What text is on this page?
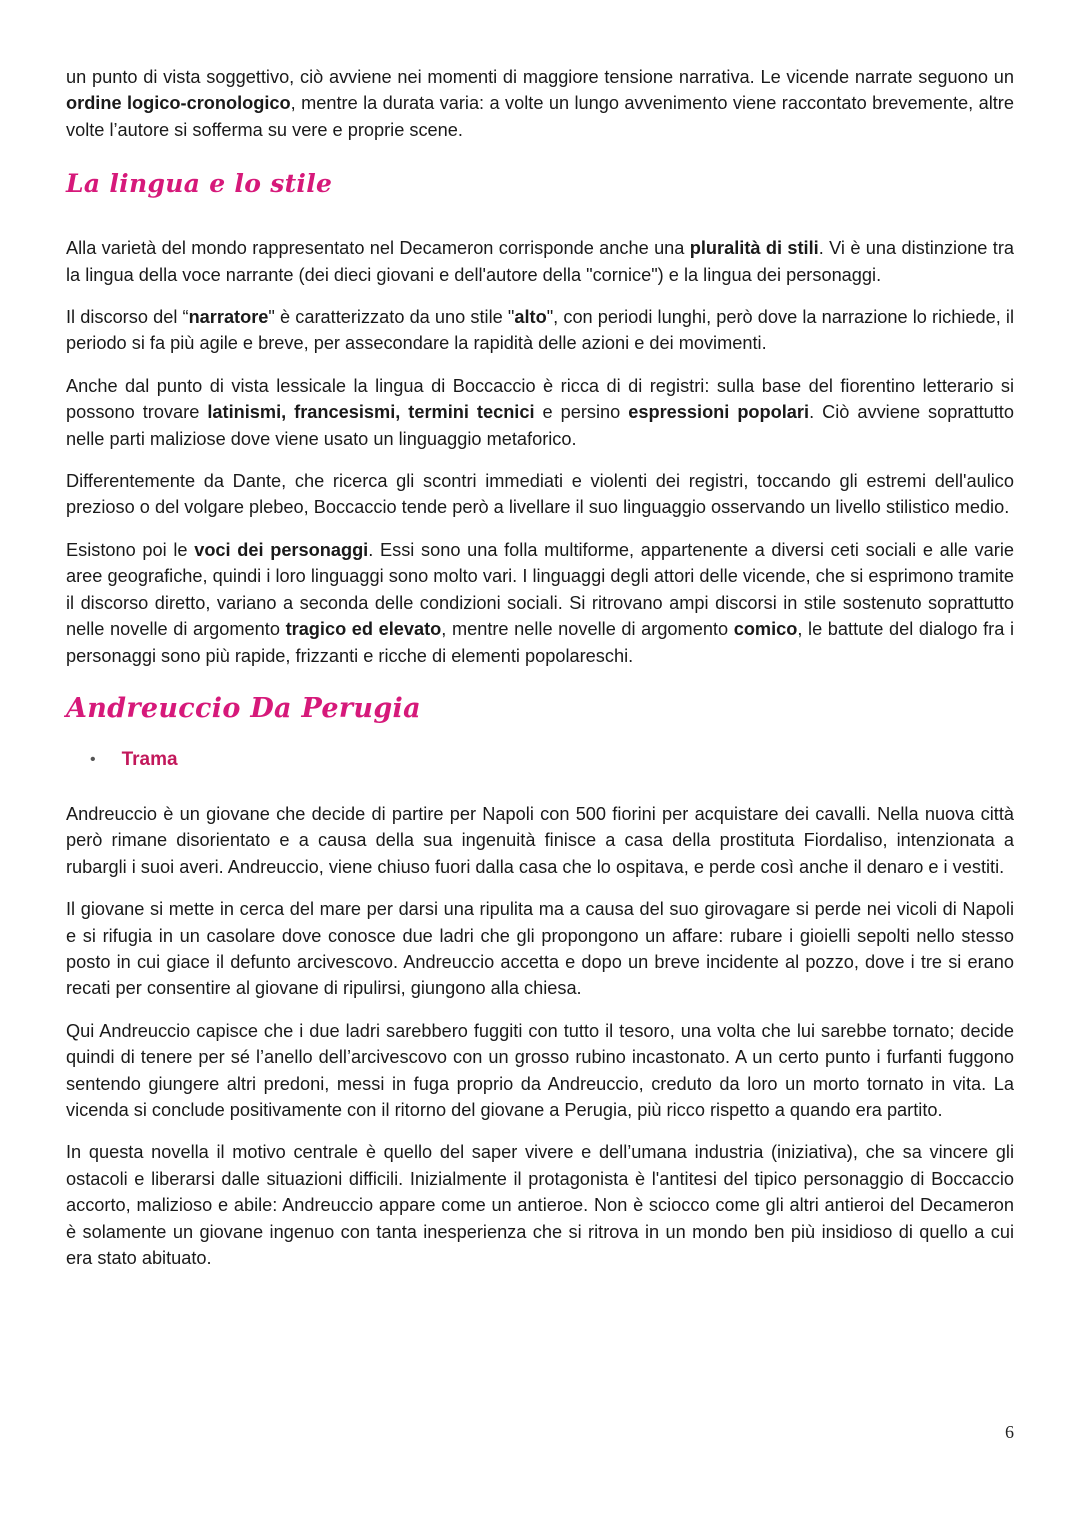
un punto di vista soggettivo, ciò avviene nei momenti di maggiore tensione narrativa. Le vicende narrate seguono un ordine logico-cronologico, mentre la durata varia: a volte un lungo avvenimento viene raccontato brevemente, altre volte l’autore si sofferma su vere e proprie scene.

La lingua e lo stile

Alla varietà del mondo rappresentato nel Decameron corrisponde anche una pluralità di stili. Vi è una distinzione tra la lingua della voce narrante (dei dieci giovani e dell'autore della "cornice") e la lingua dei personaggi.

Il discorso del “narratore" è caratterizzato da uno stile "alto", con periodi lunghi, però dove la narrazione lo richiede, il periodo si fa più agile e breve, per assecondare la rapidità delle azioni e dei movimenti.

Anche dal punto di vista lessicale la lingua di Boccaccio è ricca di di registri: sulla base del fiorentino letterario si possono trovare latinismi, francesismi, termini tecnici e persino espressioni popolari. Ciò avviene soprattutto nelle parti maliziose dove viene usato un linguaggio metaforico.

Differentemente da Dante, che ricerca gli scontri immediati e violenti dei registri, toccando gli estremi dell'aulico prezioso o del volgare plebeo, Boccaccio tende però a livellare il suo linguaggio osservando un livello stilistico medio.

Esistono poi le voci dei personaggi. Essi sono una folla multiforme, appartenente a diversi ceti sociali e alle varie aree geografiche, quindi i loro linguaggi sono molto vari. I linguaggi degli attori delle vicende, che si esprimono tramite il discorso diretto, variano a seconda delle condizioni sociali. Si ritrovano ampi discorsi in stile sostenuto soprattutto nelle novelle di argomento tragico ed elevato, mentre nelle novelle di argomento comico, le battute del dialogo fra i personaggi sono più rapide, frizzanti e ricche di elementi popolareschi.

Andreuccio Da Perugia
• Trama

Andreuccio è un giovane che decide di partire per Napoli con 500 fiorini per acquistare dei cavalli. Nella nuova città però rimane disorientato e a causa della sua ingenuità finisce a casa della prostituta Fiordaliso, intenzionata a rubargli i suoi averi. Andreuccio, viene chiuso fuori dalla casa che lo ospitava, e perde così anche il denaro e i vestiti.

Il giovane si mette in cerca del mare per darsi una ripulita ma a causa del suo girovagare si perde nei vicoli di Napoli e si rifugia in un casolare dove conosce due ladri che gli propongono un affare: rubare i gioielli sepolti nello stesso posto in cui giace il defunto arcivescovo. Andreuccio accetta e dopo un breve incidente al pozzo, dove i tre si erano recati per consentire al giovane di ripulirsi, giungono alla chiesa.

Qui Andreuccio capisce che i due ladri sarebbero fuggiti con tutto il tesoro, una volta che lui sarebbe tornato; decide quindi di tenere per sé l’anello dell’arcivescovo con un grosso rubino incastonato. A un certo punto i furfanti fuggono sentendo giungere altri predoni, messi in fuga proprio da Andreuccio, creduto da loro un morto tornato in vita. La vicenda si conclude positivamente con il ritorno del giovane a Perugia, più ricco rispetto a quando era partito.

In questa novella il motivo centrale è quello del saper vivere e dell’umana industria (iniziativa), che sa vincere gli ostacoli e liberarsi dalle situazioni difficili. Inizialmente il protagonista è l'antitesi del tipico personaggio di Boccaccio accorto, malizioso e abile: Andreuccio appare come un antieroe. Non è sciocco come gli altri antieroi del Decameron è solamente un giovane ingenuo con tanta inesperienza che si ritrova in un mondo ben più insidioso di quello a cui era stato abituato.

6
